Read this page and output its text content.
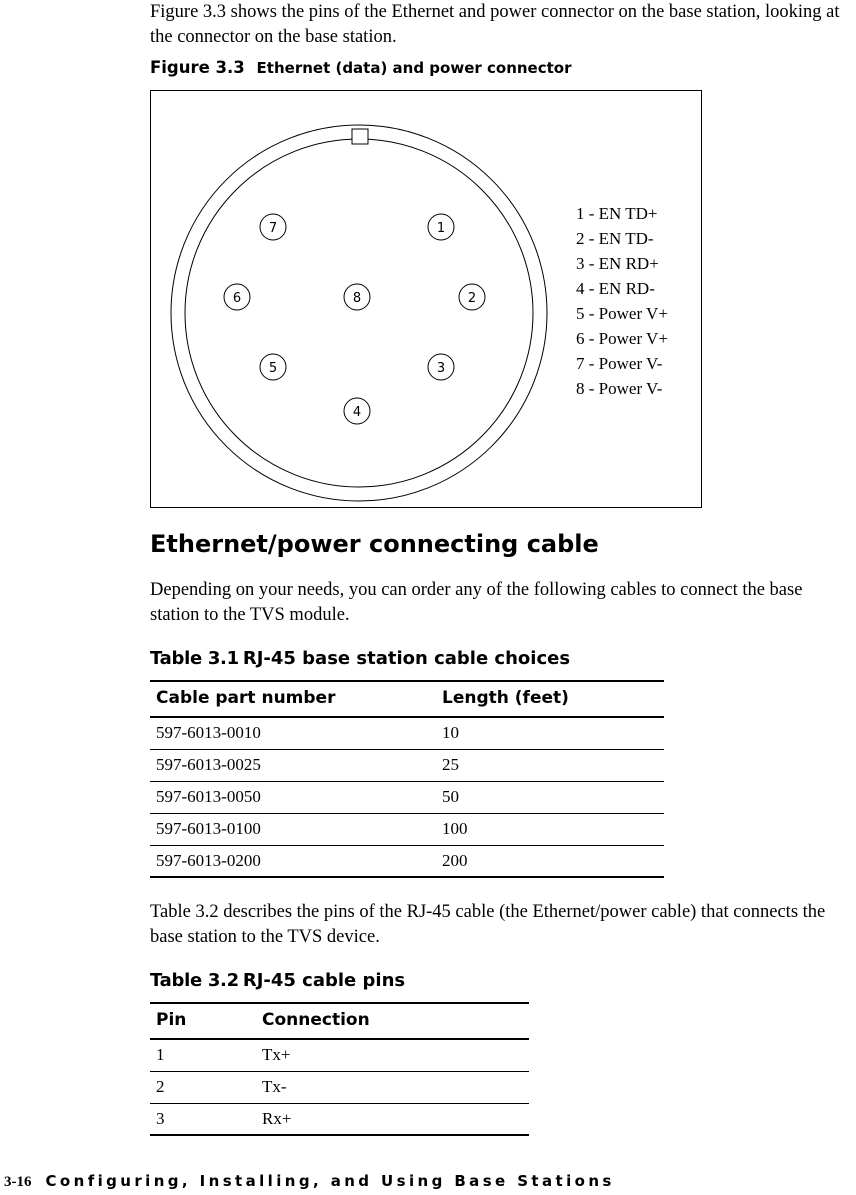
Figure 3.3 shows the pins of the Ethernet and power connector on the base station, looking at the connector on the base station.
Figure 3.3 Ethernet (data) and power connector
1
2
3
4
5
6
7
8
1 - EN TD+
2 - EN TD-
3 - EN RD+
4 - EN RD-
5 - Power V+
6 - Power V+
7 - Power V-
8 - Power V-
Ethernet/power connecting cable
Depending on your needs, you can order any of the following cables to connect the base station to the TVS module.
Table 3.1 RJ-45 base station cable choices
Cable part number	Length (feet)
597-6013-0010	10
597-6013-0025	25
597-6013-0050	50
597-6013-0100	100
597-6013-0200	200
Table 3.2 describes the pins of the RJ-45 cable (the Ethernet/power cable) that connects the base station to the TVS device.
Table 3.2 RJ-45 cable pins
Pin	Connection
1	Tx+
2	Tx-
3	Rx+
3-16 Configuring, Installing, and Using Base Stations
